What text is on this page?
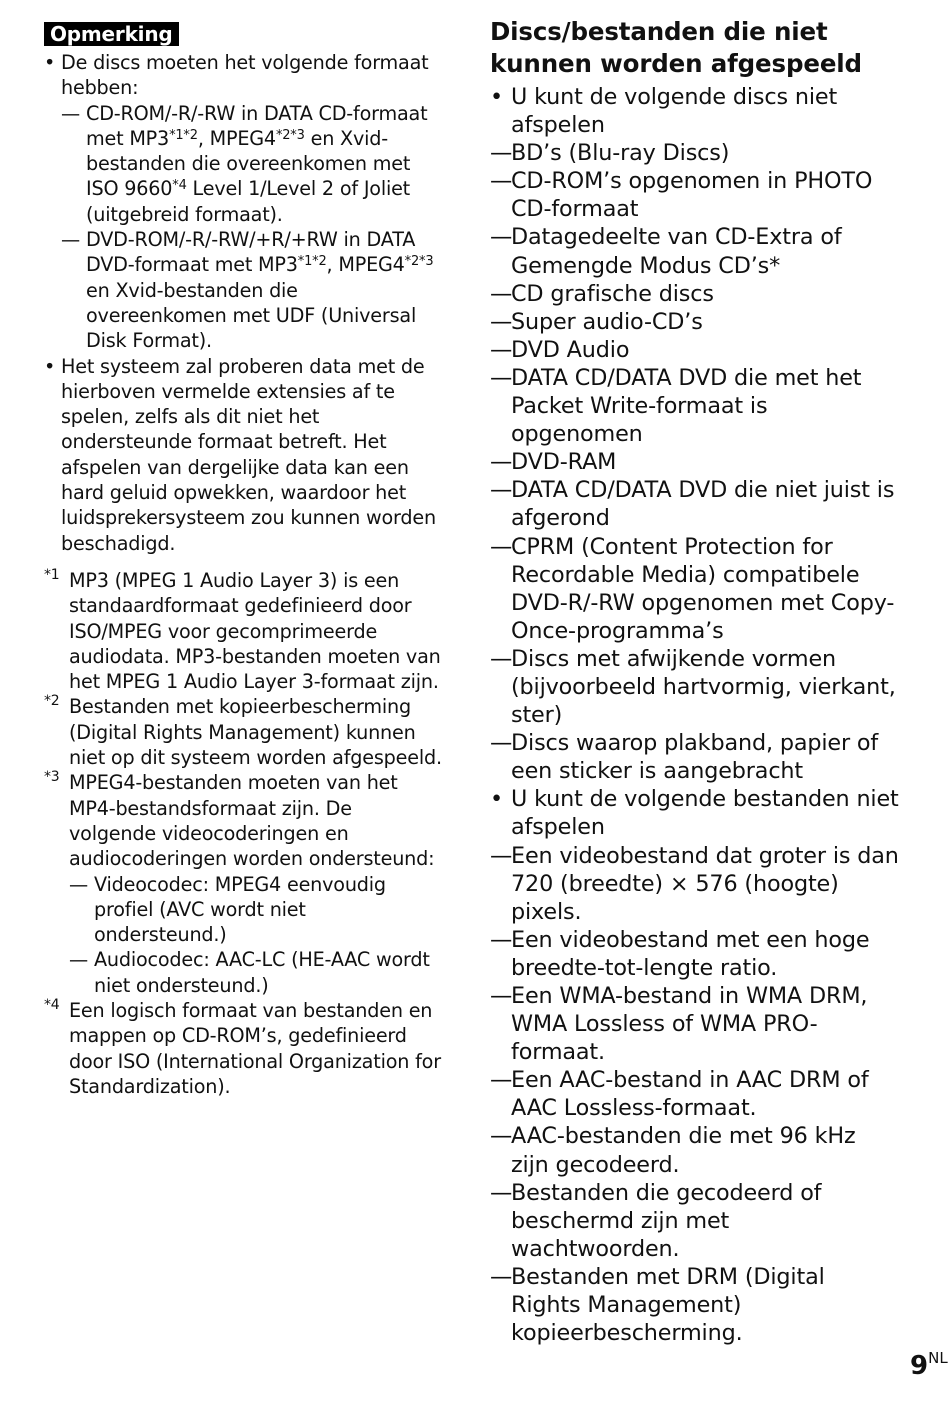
Opmerking
• De discs moeten het volgende formaat hebben:
— CD-ROM/-R/-RW in DATA CD-formaat met $MP3^{*1*2}$, $MPEG4^{*2*3}$ en Xvid-bestanden die overeenkomen met ISO 9660$^{*4}$ Level 1/Level 2 of Joliet (uitgebreid formaat).
— DVD-ROM/-R/-RW/+R/+RW in DATA DVD-formaat met $MP3^{*1*2}$, $MPEG4^{*2*3}$ en Xvid-bestanden die overeenkomen met UDF (Universal Disk Format).
• Het systeem zal proberen data met de hierboven vermelde extensies af te spelen, zelfs als dit niet het ondersteunde formaat betreft. Het afspelen van dergelijke data kan een hard geluid opwekken, waardoor het luidsprekersysteem zou kunnen worden beschadigd.
*1 MP3 (MPEG 1 Audio Layer 3) is een standaardformaat gedefinieerd door ISO/MPEG voor gecomprimeerde audiodata. MP3-bestanden moeten van het MPEG 1 Audio Layer 3-formaat zijn.
*2 Bestanden met kopieerbescherming (Digital Rights Management) kunnen niet op dit systeem worden afgespeeld.
*3 MPEG4-bestanden moeten van het MP4-bestandsformaat zijn. De volgende videocoderingen en audiocoderingen worden ondersteund:
— Videocodec: MPEG4 eenvoudig profiel (AVC wordt niet ondersteund.)
— Audiocodec: AAC-LC (HE-AAC wordt niet ondersteund.)
*4 Een logisch formaat van bestanden en mappen op CD-ROM’s, gedefinieerd door ISO (International Organization for Standardization).
Discs/bestanden die niet kunnen worden afgespeeld
• U kunt de volgende discs niet afspelen
— BD’s (Blu-ray Discs)
— CD-ROM’s opgenomen in PHOTO CD-formaat
— Datagedeelte van CD-Extra of Gemengde Modus CD’s*
— CD grafische discs
— Super audio-CD’s
— DVD Audio
— DATA CD/DATA DVD die met het Packet Write-formaat is opgenomen
— DVD-RAM
— DATA CD/DATA DVD die niet juist is afgerond
— CPRM (Content Protection for Recordable Media) compatibele DVD-R/-RW opgenomen met Copy-Once-programma’s
— Discs met afwijkende vormen (bijvoorbeeld hartvormig, vierkant, ster)
— Discs waarop plakband, papier of een sticker is aangebracht
• U kunt de volgende bestanden niet afspelen
— Een videobestand dat groter is dan 720 (breedte) × 576 (hoogte) pixels.
— Een videobestand met een hoge breedte-tot-lengte ratio.
— Een WMA-bestand in WMA DRM, WMA Lossless of WMA PRO-formaat.
— Een AAC-bestand in AAC DRM of AAC Lossless-formaat.
— AAC-bestanden die met 96 kHz zijn gecodeerd.
— Bestanden die gecodeerd of beschermd zijn met wachtwoorden.
— Bestanden met DRM (Digital Rights Management) kopieerbescherming.
$9^{NL}$
